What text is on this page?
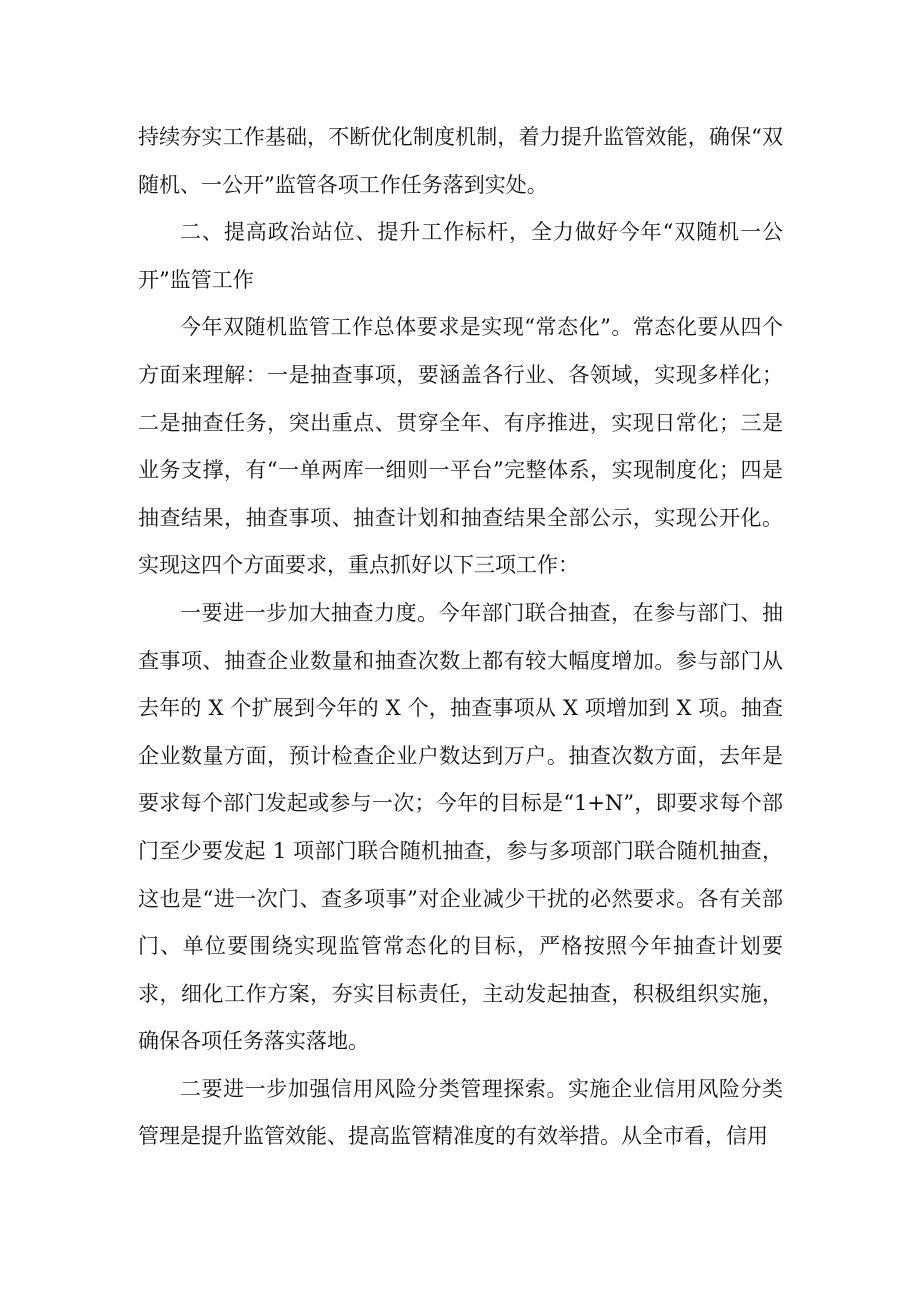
持续夯实工作基础，不断优化制度机制，着力提升监管效能，确保“双随机、一公开”监管各项工作任务落到实处。

二、提高政治站位、提升工作标杆，全力做好今年“双随机一公开”监管工作

今年双随机监管工作总体要求是实现“常态化”。常态化要从四个方面来理解：一是抽查事项，要涵盖各行业、各领域，实现多样化；二是抽查任务，突出重点、贯穿全年、有序推进，实现日常化；三是业务支撑，有“一单两库一细则一平台”完整体系，实现制度化；四是抽查结果，抽查事项、抽查计划和抽查结果全部公示，实现公开化。实现这四个方面要求，重点抓好以下三项工作：

一要进一步加大抽查力度。今年部门联合抽查，在参与部门、抽查事项、抽查企业数量和抽查次数上都有较大幅度增加。参与部门从去年的 X 个扩展到今年的 X 个，抽查事项从 X 项增加到 X 项。抽查企业数量方面，预计检查企业户数达到万户。抽查次数方面，去年是要求每个部门发起或参与一次；今年的目标是“1+N”，即要求每个部门至少要发起 1 项部门联合随机抽查，参与多项部门联合随机抽查，这也是“进一次门、查多项事”对企业减少干扰的必然要求。各有关部门、单位要围绕实现监管常态化的目标，严格按照今年抽查计划要求，细化工作方案，夯实目标责任，主动发起抽查，积极组织实施，确保各项任务落实落地。

二要进一步加强信用风险分类管理探索。实施企业信用风险分类管理是提升监管效能、提高监管精准度的有效举措。从全市看，信用
